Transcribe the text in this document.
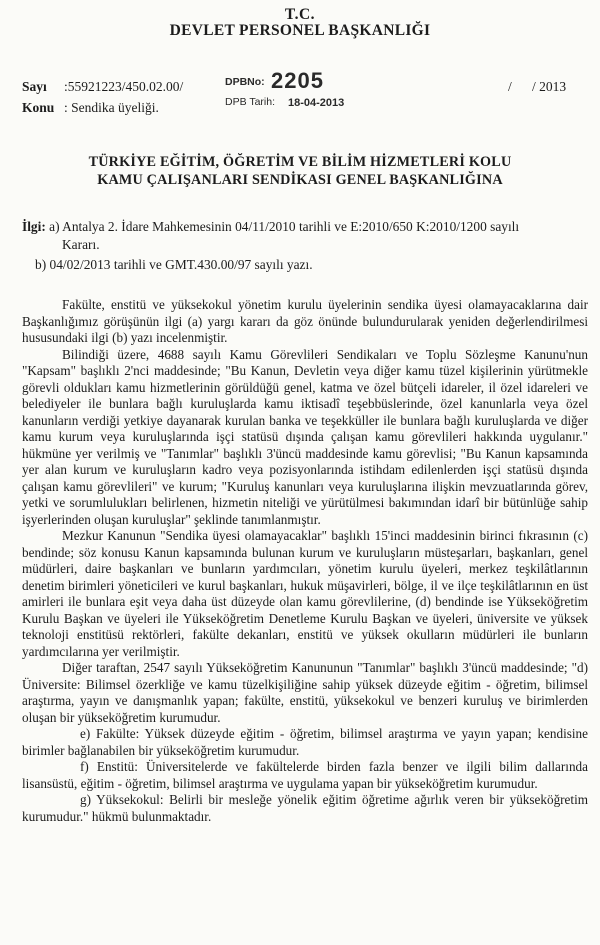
T.C.
DEVLET PERSONEL BAŞKANLIĞI
Sayı :55921223/450.02.00/
Konu : Sendika üyeliği.
DPBNo: 2205
DPB Tarih: 18-04-2013
/      / 2013
TÜRKİYE EĞİTİM, ÖĞRETİM VE BİLİM HİZMETLERİ KOLU
KAMU ÇALIŞANLARI SENDİKASI GENEL BAŞKANLIĞINA
İlgi: a) Antalya 2. İdare Mahkemesinin 04/11/2010 tarihli ve E:2010/650 K:2010/1200 sayılı
Kararı.
b) 04/02/2013 tarihli ve GMT.430.00/97 sayılı yazı.

Fakülte, enstitü ve yüksekokul yönetim kurulu üyelerinin sendika üyesi olamayacaklarına dair Başkanlığımız görüşünün ilgi (a) yargı kararı da göz önünde bulundurularak yeniden değerlendirilmesi hususundaki ilgi (b) yazı incelenmiştir.

Bilindiği üzere, 4688 sayılı Kamu Görevlileri Sendikaları ve Toplu Sözleşme Kanunu'nun "Kapsam" başlıklı 2'nci maddesinde; "Bu Kanun, Devletin veya diğer kamu tüzel kişilerinin yürütmekle görevli oldukları kamu hizmetlerinin görüldüğü genel, katma ve özel bütçeli idareler, il özel idareleri ve belediyeler ile bunlara bağlı kuruluşlarda kamu iktisadî teşebbüslerinde, özel kanunlarla veya özel kanunların verdiği yetkiye dayanarak kurulan banka ve teşekküller ile bunlara bağlı kuruluşlarda ve diğer kamu kurum veya kuruluşlarında işçi statüsü dışında çalışan kamu görevlileri hakkında uygulanır." hükmüne yer verilmiş ve "Tanımlar" başlıklı 3'üncü maddesinde kamu görevlisi; "Bu Kanun kapsamında yer alan kurum ve kuruluşların kadro veya pozisyonlarında istihdam edilenlerden işçi statüsü dışında çalışan kamu görevlileri" ve kurum; "Kuruluş kanunları veya kuruluşlarına ilişkin mevzuatlarında görev, yetki ve sorumlulukları belirlenen, hizmetin niteliği ve yürütülmesi bakımından idarî bir bütünlüğe sahip işyerlerinden oluşan kuruluşlar" şeklinde tanımlanmıştır.

Mezkur Kanunun "Sendika üyesi olamayacaklar" başlıklı 15'inci maddesinin birinci fıkrasının (c) bendinde; söz konusu Kanun kapsamında bulunan kurum ve kuruluşların müsteşarları, başkanları, genel müdürleri, daire başkanları ve bunların yardımcıları, yönetim kurulu üyeleri, merkez teşkilâtlarının denetim birimleri yöneticileri ve kurul başkanları, hukuk müşavirleri, bölge, il ve ilçe teşkilâtlarının en üst amirleri ile bunlara eşit veya daha üst düzeyde olan kamu görevlilerine, (d) bendinde ise Yükseköğretim Kurulu Başkan ve üyeleri ile Yükseköğretim Denetleme Kurulu Başkan ve üyeleri, üniversite ve yüksek teknoloji enstitüsü rektörleri, fakülte dekanları, enstitü ve yüksek okulların müdürleri ile bunların yardımcılarına yer verilmiştir.

Diğer taraftan, 2547 sayılı Yükseköğretim Kanununun "Tanımlar" başlıklı 3'üncü maddesinde; "d) Üniversite: Bilimsel özerkliğe ve kamu tüzelkişiliğine sahip yüksek düzeyde eğitim - öğretim, bilimsel araştırma, yayın ve danışmanlık yapan; fakülte, enstitü, yüksekokul ve benzeri kuruluş ve birimlerden oluşan bir yükseköğretim kurumudur.

e) Fakülte: Yüksek düzeyde eğitim - öğretim, bilimsel araştırma ve yayın yapan; kendisine birimler bağlanabilen bir yükseköğretim kurumudur.

f) Enstitü: Üniversitelerde ve fakültelerde birden fazla benzer ve ilgili bilim dallarında lisansüstü, eğitim - öğretim, bilimsel araştırma ve uygulama yapan bir yükseköğretim kurumudur.

g) Yüksekokul: Belirli bir mesleğe yönelik eğitim öğretime ağırlık veren bir yükseköğretim kurumudur." hükmü bulunmaktadır.
